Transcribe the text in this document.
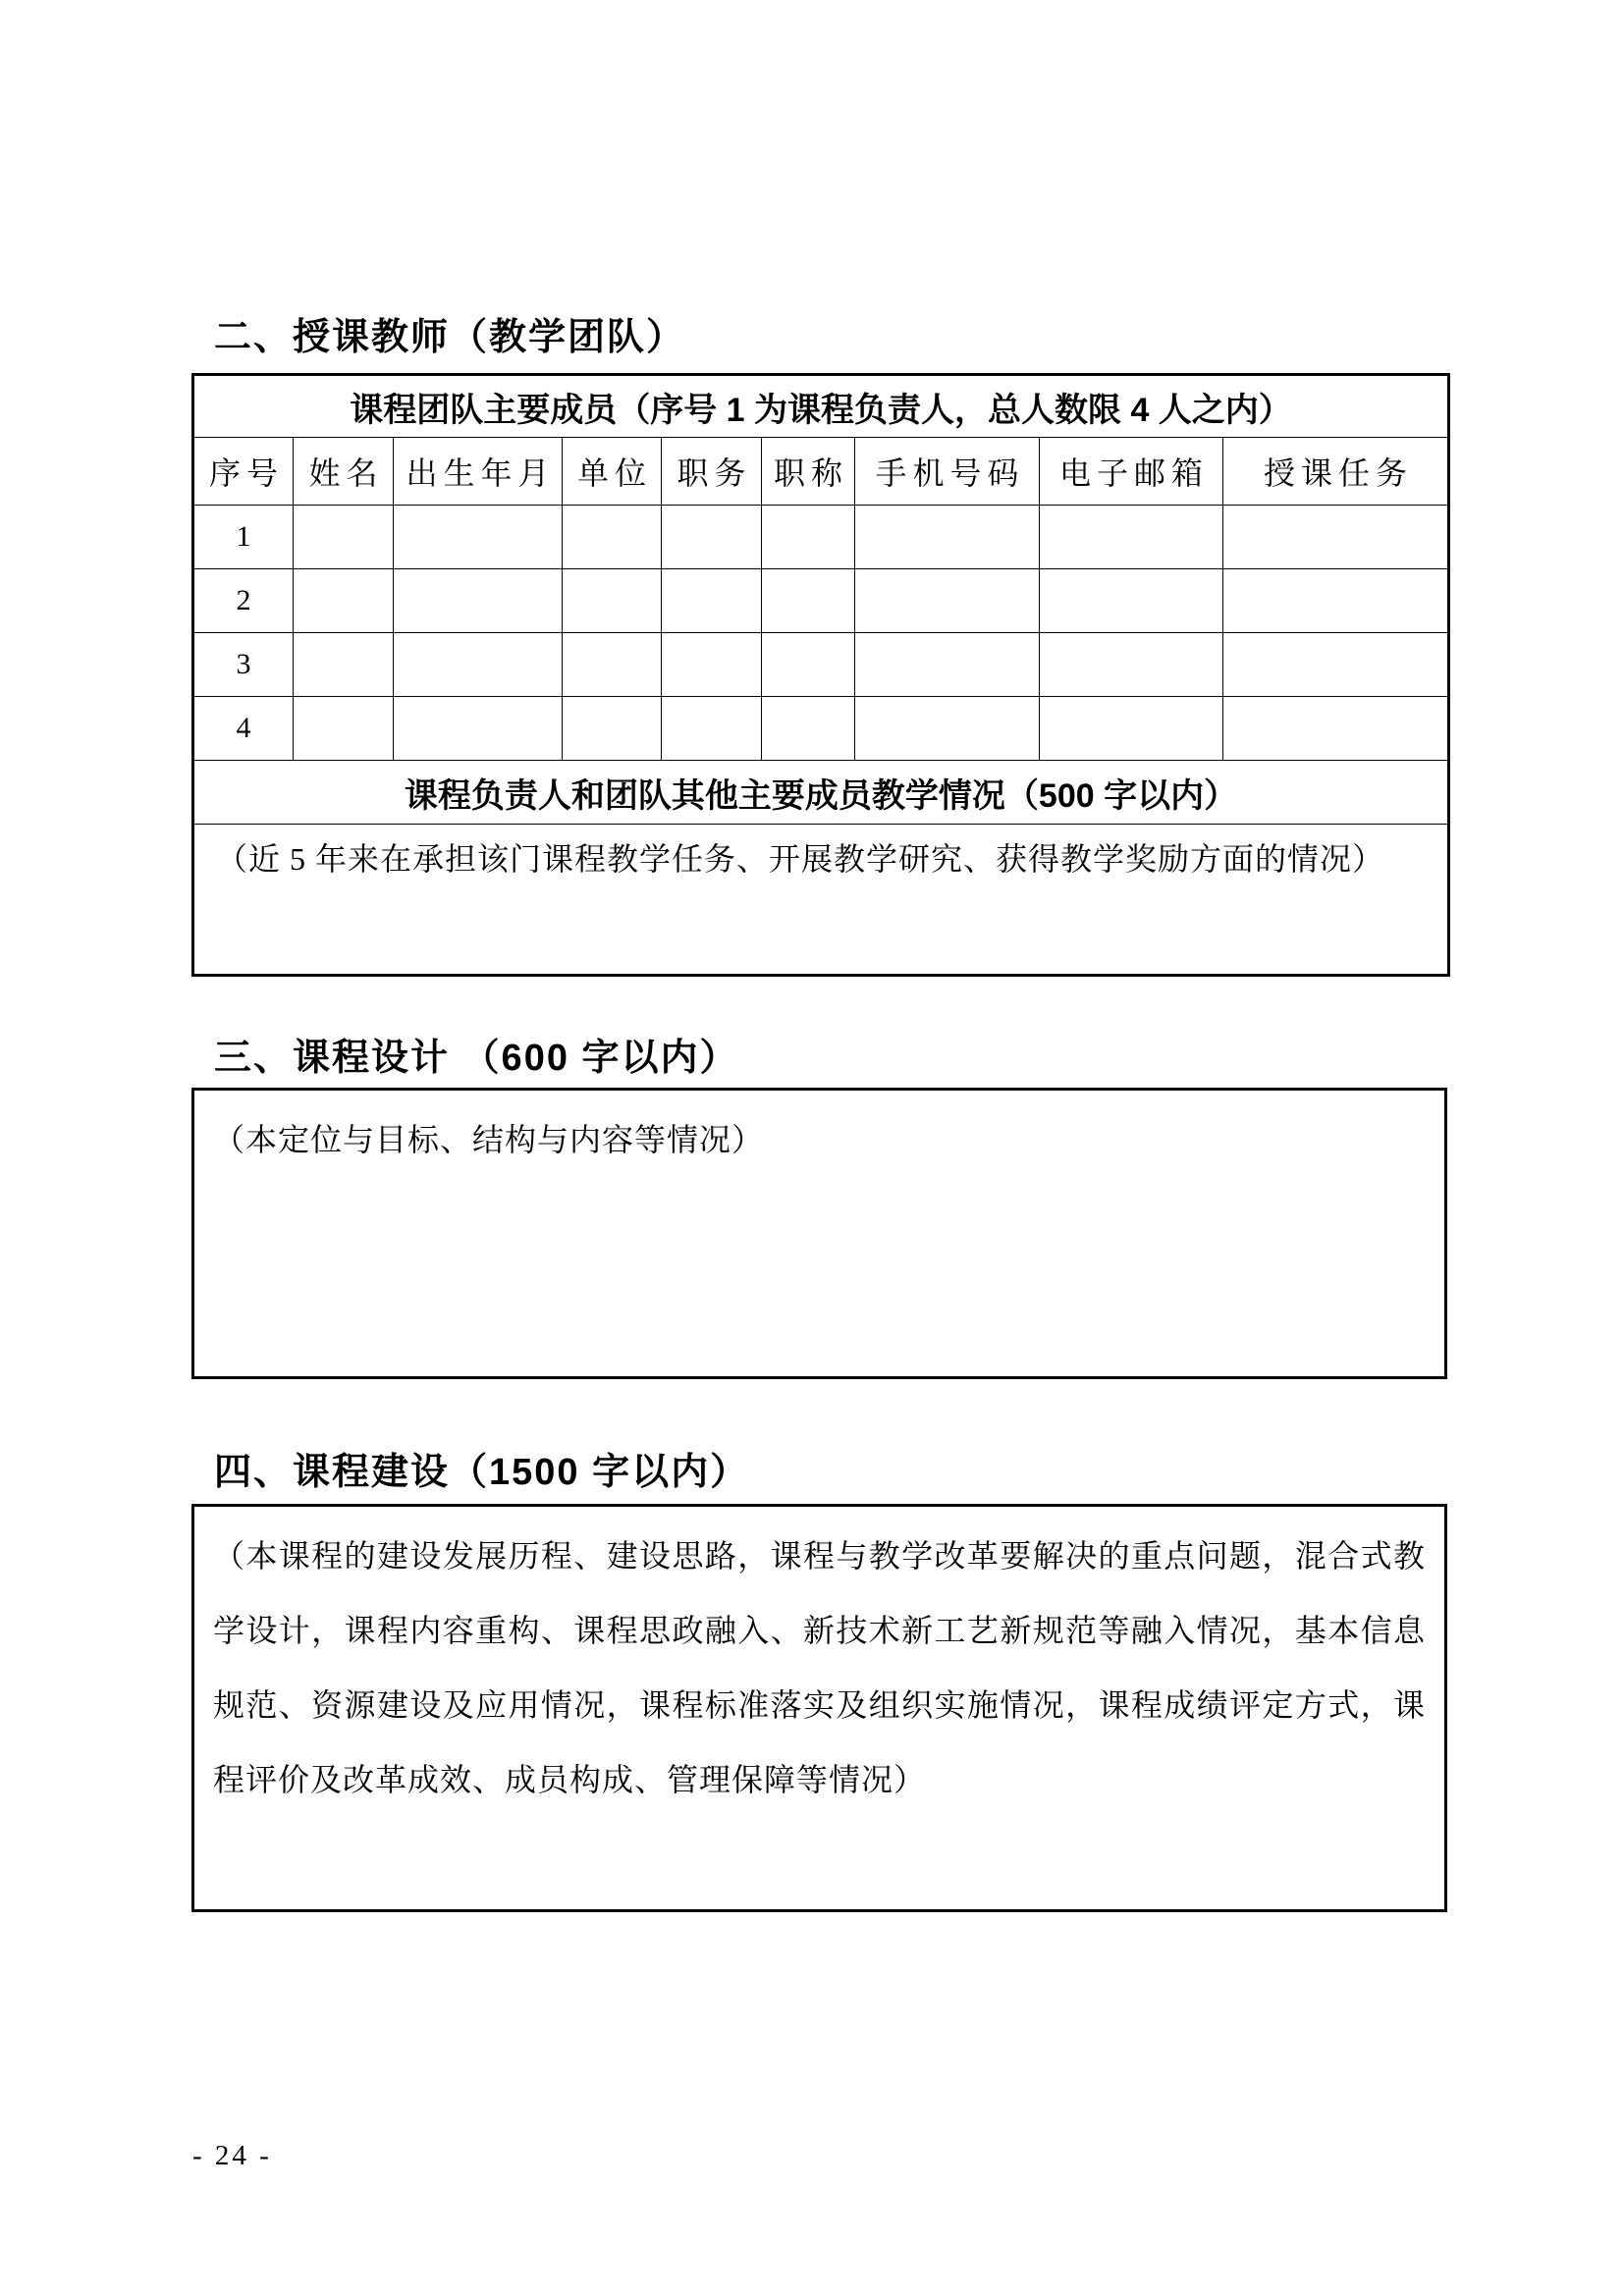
二、授课教师（教学团队）
课程团队主要成员（序号 1 为课程负责人，总人数限 4 人之内）								
序号	姓名	出生年月	单位	职务	职称	手机号码	电子邮箱	授课任务
1								
2								
3								
4								
课程负责人和团队其他主要成员教学情况（500 字以内）								
（近 5 年来在承担该门课程教学任务、开展教学研究、获得教学奖励方面的情况）								
三、课程设计 （600 字以内）
（本定位与目标、结构与内容等情况）
四、课程建设（1500 字以内）
（本课程的建设发展历程、建设思路，课程与教学改革要解决的重点问题，混合式教学设计，课程内容重构、课程思政融入、新技术新工艺新规范等融入情况，基本信息规范、资源建设及应用情况，课程标准落实及组织实施情况，课程成绩评定方式，课程评价及改革成效、成员构成、管理保障等情况）
- 24 -
